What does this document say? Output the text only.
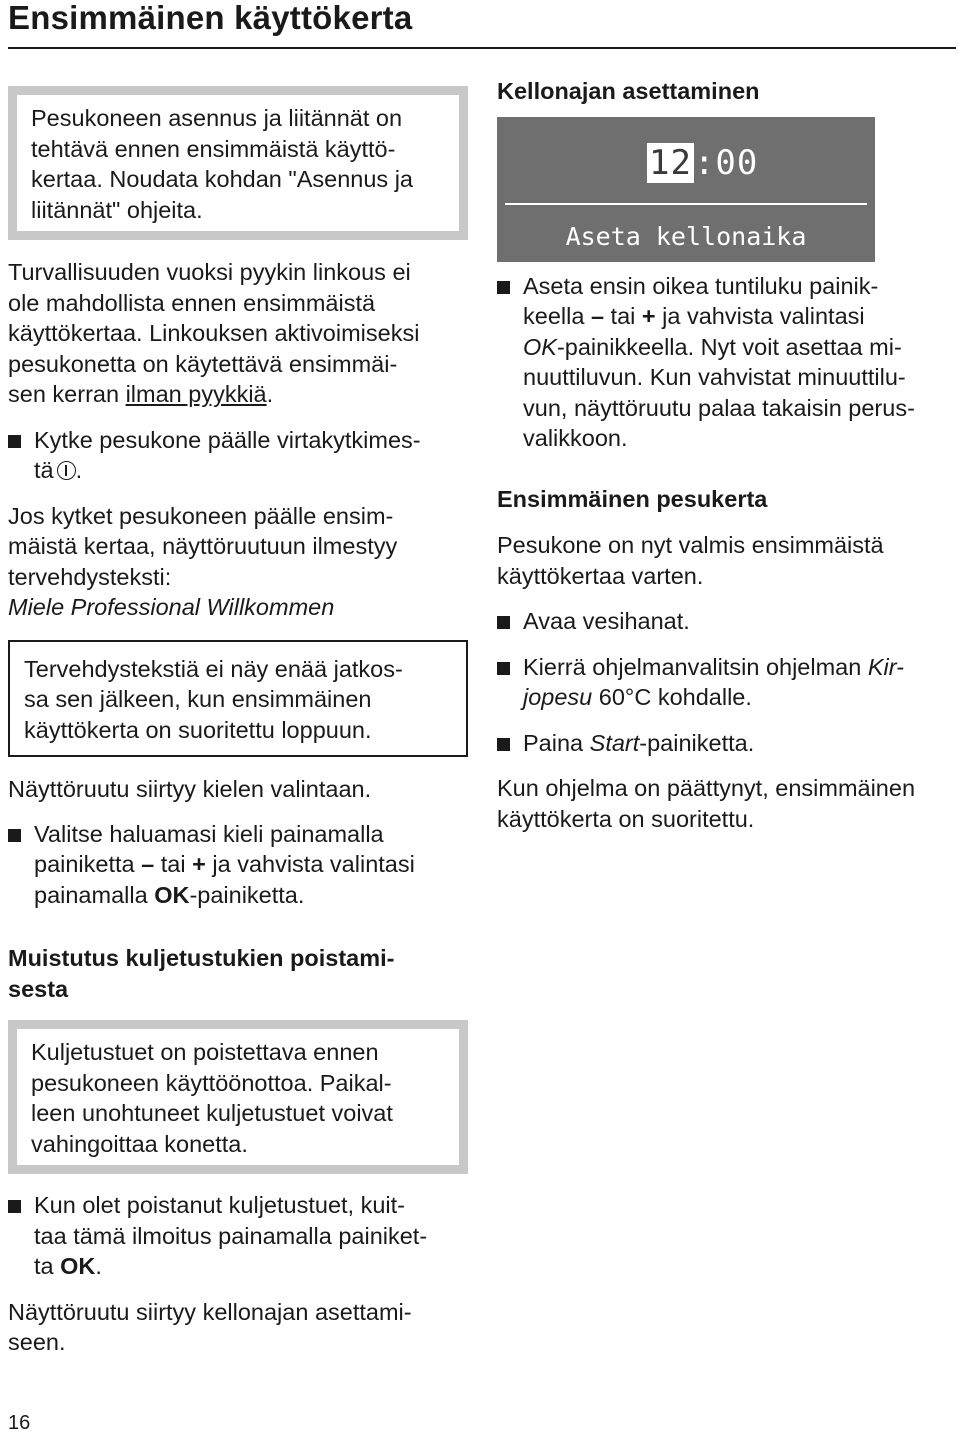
Ensimmäinen käyttökerta

Pesukoneen asennus ja liitännät on

tehtävä ennen ensimmäistä käyttö-

kertaa. Noudata kohdan "Asennus ja

liitännät" ohjeita.

Turvallisuuden vuoksi pyykin linkous ei

ole mahdollista ennen ensimmäistä

käyttökertaa. Linkouksen aktivoimiseksi

pesukonetta on käytettävä ensimmäi-

sen kerran ilman pyykkiä.

Kytke pesukone päälle virtakytkimes-

tä .

Jos kytket pesukoneen päälle ensim-

mäistä kertaa, näyttöruutuun ilmestyy

tervehdysteksti:

Miele Professional Willkommen

Tervehdystekstiä ei näy enää jatkos-

sa sen jälkeen, kun ensimmäinen

käyttökerta on suoritettu loppuun.

Näyttöruutu siirtyy kielen valintaan.

Valitse haluamasi kieli painamalla

painiketta – tai + ja vahvista valintasi

painamalla OK-painiketta.

Muistutus kuljetustukien poistami-
sesta

Kuljetustuet on poistettava ennen

pesukoneen käyttöönottoa. Paikal-

leen unohtuneet kuljetustuet voivat

vahingoittaa konetta.

Kun olet poistanut kuljetustuet, kuit-

taa tämä ilmoitus painamalla painiket-

ta OK.

Näyttöruutu siirtyy kellonajan asettami-

seen.

Kellonajan asettaminen
12:00
Aseta kellonaika

Aseta ensin oikea tuntiluku painik-

keella – tai + ja vahvista valintasi

OK-painikkeella. Nyt voit asettaa mi-

nuuttiluvun. Kun vahvistat minuuttilu-

vun, näyttöruutu palaa takaisin perus-

valikkoon.

Ensimmäinen pesukerta

Pesukone on nyt valmis ensimmäistä

käyttökertaa varten.

Avaa vesihanat.

Kierrä ohjelmanvalitsin ohjelman Kir-

jopesu 60°C kohdalle.

Paina Start-painiketta.

Kun ohjelma on päättynyt, ensimmäinen

käyttökerta on suoritettu.

16
